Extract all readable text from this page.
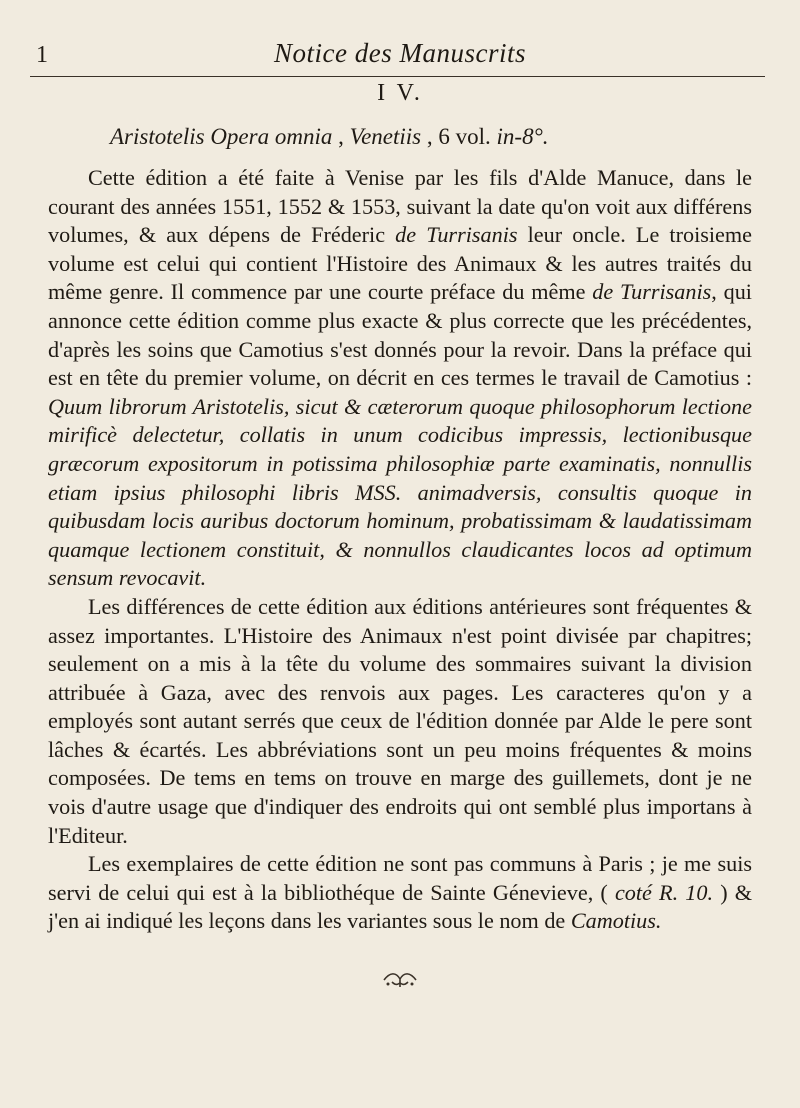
1	Notice des Manuscrits
I V.
Aristotelis Opera omnia , Venetiis , 6 vol. in-8°.

Cette édition a été faite à Venise par les fils d'Alde Manuce, dans le courant des années 1551, 1552 & 1553, suivant la date qu'on voit aux différens volumes, & aux dépens de Fréderic de Turrisanis leur oncle. Le troisieme volume est celui qui contient l'Histoire des Animaux & les autres traités du même genre. Il commence par une courte préface du même de Turrisanis, qui annonce cette édition comme plus exacte & plus correcte que les précédentes, d'après les soins que Camotius s'est donnés pour la revoir. Dans la préface qui est en tête du premier volume, on décrit en ces termes le travail de Camotius : Quum librorum Aristotelis, sicut & cæterorum quoque philosophorum lectione mirificè delectetur, collatis in unum codicibus impressis, lectionibusque græcorum expositorum in potissima philosophiæ parte examinatis, nonnullis etiam ipsius philosophi libris MSS. animadversis, consultis quoque in quibusdam locis auribus doctorum hominum, probatissimam & laudatissimam quamque lectionem constituit, & nonnullos claudicantes locos ad optimum sensum revocavit.

Les différences de cette édition aux éditions antérieures sont fréquentes & assez importantes. L'Histoire des Animaux n'est point divisée par chapitres; seulement on a mis à la tête du volume des sommaires suivant la division attribuée à Gaza, avec des renvois aux pages. Les caracteres qu'on y a employés sont autant serrés que ceux de l'édition donnée par Alde le pere sont lâches & écartés. Les abbréviations sont un peu moins fréquentes & moins composées. De tems en tems on trouve en marge des guillemets, dont je ne vois d'autre usage que d'indiquer des endroits qui ont semblé plus importans à l'Editeur.

Les exemplaires de cette édition ne sont pas communs à Paris ; je me suis servi de celui qui est à la bibliothéque de Sainte Génevieve, ( coté R. 10. ) & j'en ai indiqué les leçons dans les variantes sous le nom de Camotius.
